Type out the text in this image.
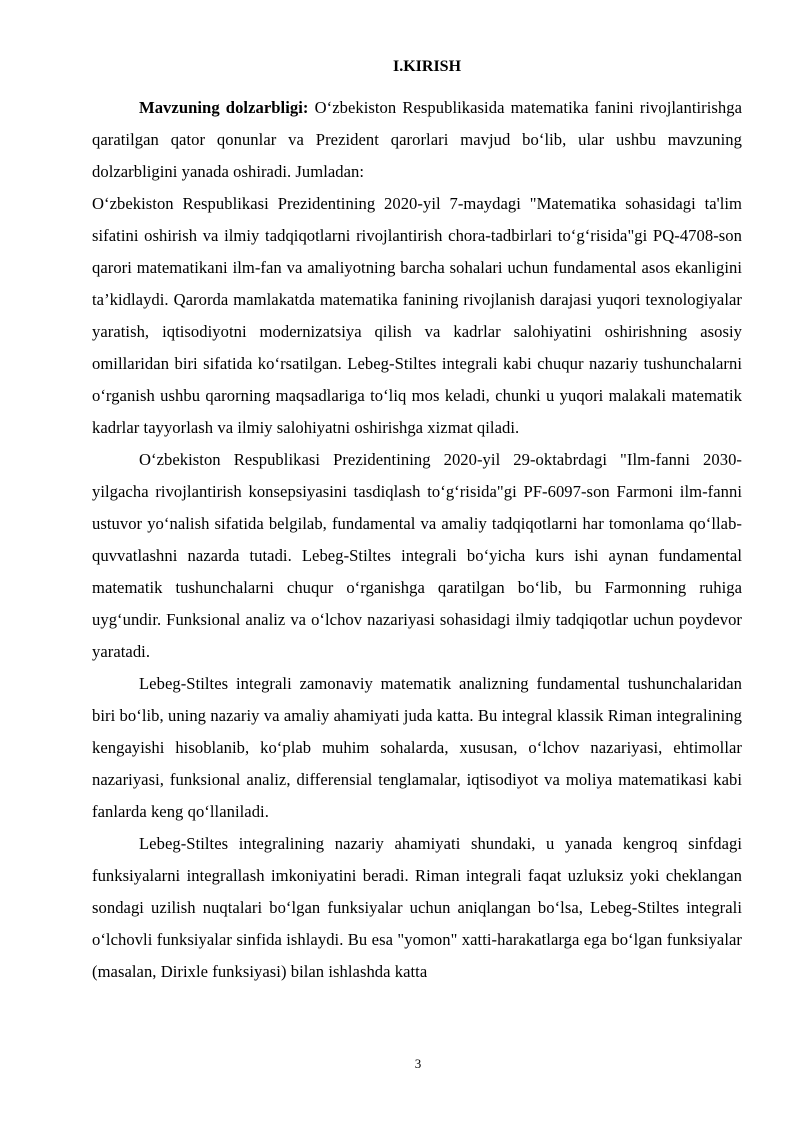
I.KIRISH

Mavzuning dolzarbligi: O‘zbekiston Respublikasida matematika fanini rivojlantirishga qaratilgan qator qonunlar va Prezident qarorlari mavjud bo‘lib, ular ushbu mavzuning dolzarbligini yanada oshiradi. Jumladan:

O‘zbekiston Respublikasi Prezidentining 2020-yil 7-maydagi "Matematika sohasidagi ta'lim sifatini oshirish va ilmiy tadqiqotlarni rivojlantirish chora-tadbirlari to‘g‘risida"gi PQ-4708-son qarori matematikani ilm-fan va amaliyotning barcha sohalari uchun fundamental asos ekanligini ta’kidlaydi. Qarorda mamlakatda matematika fanining rivojlanish darajasi yuqori texnologiyalar yaratish, iqtisodiyotni modernizatsiya qilish va kadrlar salohiyatini oshirishning asosiy omillaridan biri sifatida ko‘rsatilgan. Lebeg-Stiltes integrali kabi chuqur nazariy tushunchalarni o‘rganish ushbu qarorning maqsadlariga to‘liq mos keladi, chunki u yuqori malakali matematik kadrlar tayyorlash va ilmiy salohiyatni oshirishga xizmat qiladi.

O‘zbekiston Respublikasi Prezidentining 2020-yil 29-oktabrdagi "Ilm-fanni 2030-yilgacha rivojlantirish konsepsiyasini tasdiqlash to‘g‘risida"gi PF-6097-son Farmoni ilm-fanni ustuvor yo‘nalish sifatida belgilab, fundamental va amaliy tadqiqotlarni har tomonlama qo‘llab-quvvatlashni nazarda tutadi. Lebeg-Stiltes integrali bo‘yicha kurs ishi aynan fundamental matematik tushunchalarni chuqur o‘rganishga qaratilgan bo‘lib, bu Farmonning ruhiga uyg‘undir. Funksional analiz va o‘lchov nazariyasi sohasidagi ilmiy tadqiqotlar uchun poydevor yaratadi.

Lebeg-Stiltes integrali zamonaviy matematik analizning fundamental tushunchalaridan biri bo‘lib, uning nazariy va amaliy ahamiyati juda katta. Bu integral klassik Riman integralining kengayishi hisoblanib, ko‘plab muhim sohalarda, xususan, o‘lchov nazariyasi, ehtimollar nazariyasi, funksional analiz, differensial tenglamalar, iqtisodiyot va moliya matematikasi kabi fanlarda keng qo‘llaniladi.

Lebeg-Stiltes integralining nazariy ahamiyati shundaki, u yanada kengroq sinfdagi funksiyalarni integrallash imkoniyatini beradi. Riman integrali faqat uzluksiz yoki cheklangan sondagi uzilish nuqtalari bo‘lgan funksiyalar uchun aniqlangan bo‘lsa, Lebeg-Stiltes integrali o‘lchovli funksiyalar sinfida ishlaydi. Bu esa "yomon" xatti-harakatlarga ega bo‘lgan funksiyalar (masalan, Dirixle funksiyasi) bilan ishlashda katta

3
